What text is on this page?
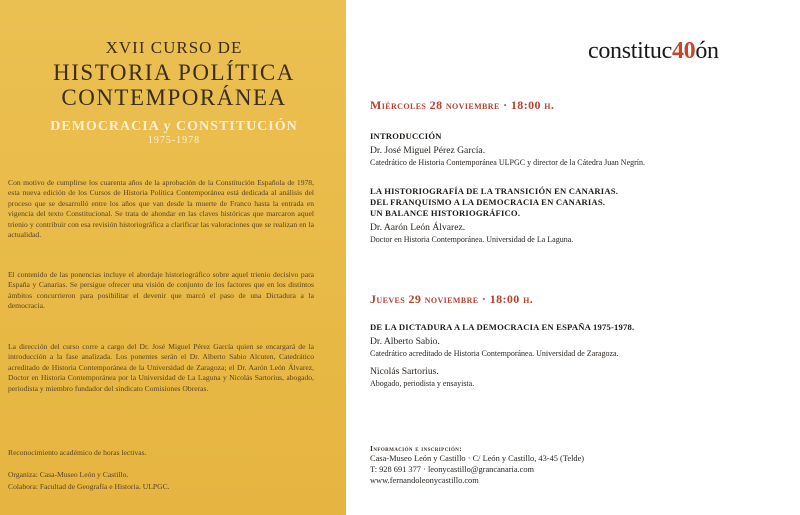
XVII CURSO DE
HISTORIA POLÍTICA
CONTEMPORÁNEA
DEMOCRACIA y CONSTITUCIÓN
1975-1978

Con motivo de cumplirse los cuarenta años de la aprobación de la Constitución Española de 1978, esta nueva edición de los Cursos de Historia Política Contemporánea está dedicada al análisis del proceso que se desarrolló entre los años que van desde la muerte de Franco hasta la entrada en vigencia del texto Constitucional. Se trata de ahondar en las claves históricas que marcaron aquel trienio y contribuir con esa revisión historiográfica a clarificar las valoraciones que se realizan en la actualidad.

El contenido de las ponencias incluye el abordaje historiográfico sobre aquel trienio decisivo para España y Canarias. Se persigue ofrecer una visión de conjunto de los factores que en los distintos ámbitos concurrieron para posibilitar el devenir que marcó el paso de una Dictadura a la democracia.

La dirección del curso corre a cargo del Dr. José Miguel Pérez García quien se encargará de la introducción a la fase analizada. Los ponentes serán el Dr. Alberto Sabio Alcuten, Catedrático acreditado de Historia Contemporánea de la Universidad de Zaragoza; el Dr. Aarón León Álvarez, Doctor en Historia Contemporánea por la Universidad de La Laguna y Nicolás Sartorius, abogado, periodista y miembro fundador del sindicato Comisiones Obreras.

Reconocimiento académico de horas lectivas.

Organiza: Casa-Museo León y Castillo.

Colabora: Facultad de Geografía e Historia. ULPGC.

constituc40ón
Miércoles 28 noviembre · 18:00 h.
INTRODUCCIÓN
Dr. José Miguel Pérez García.
Catedrático de Historia Contemporánea ULPGC y director de la Cátedra Juan Negrín.
LA HISTORIOGRAFÍA DE LA TRANSICIÓN EN CANARIAS.
DEL FRANQUISMO A LA DEMOCRACIA EN CANARIAS.
UN BALANCE HISTORIOGRÁFICO.
Dr. Aarón León Álvarez.
Doctor en Historia Contemporánea. Universidad de La Laguna.
Jueves 29 noviembre · 18:00 h.
DE LA DICTADURA A LA DEMOCRACIA EN ESPAÑA 1975-1978.
Dr. Alberto Sabio.
Catedrático acreditado de Historia Contemporánea. Universidad de Zaragoza.
Nicolás Sartorius.
Abogado, periodista y ensayista.
Información e inscripción:
Casa-Museo León y Castillo · C/ León y Castillo, 43-45 (Telde)
T: 928 691 377 · leonycastillo@grancanaria.com
www.fernandoleonycastillo.com
